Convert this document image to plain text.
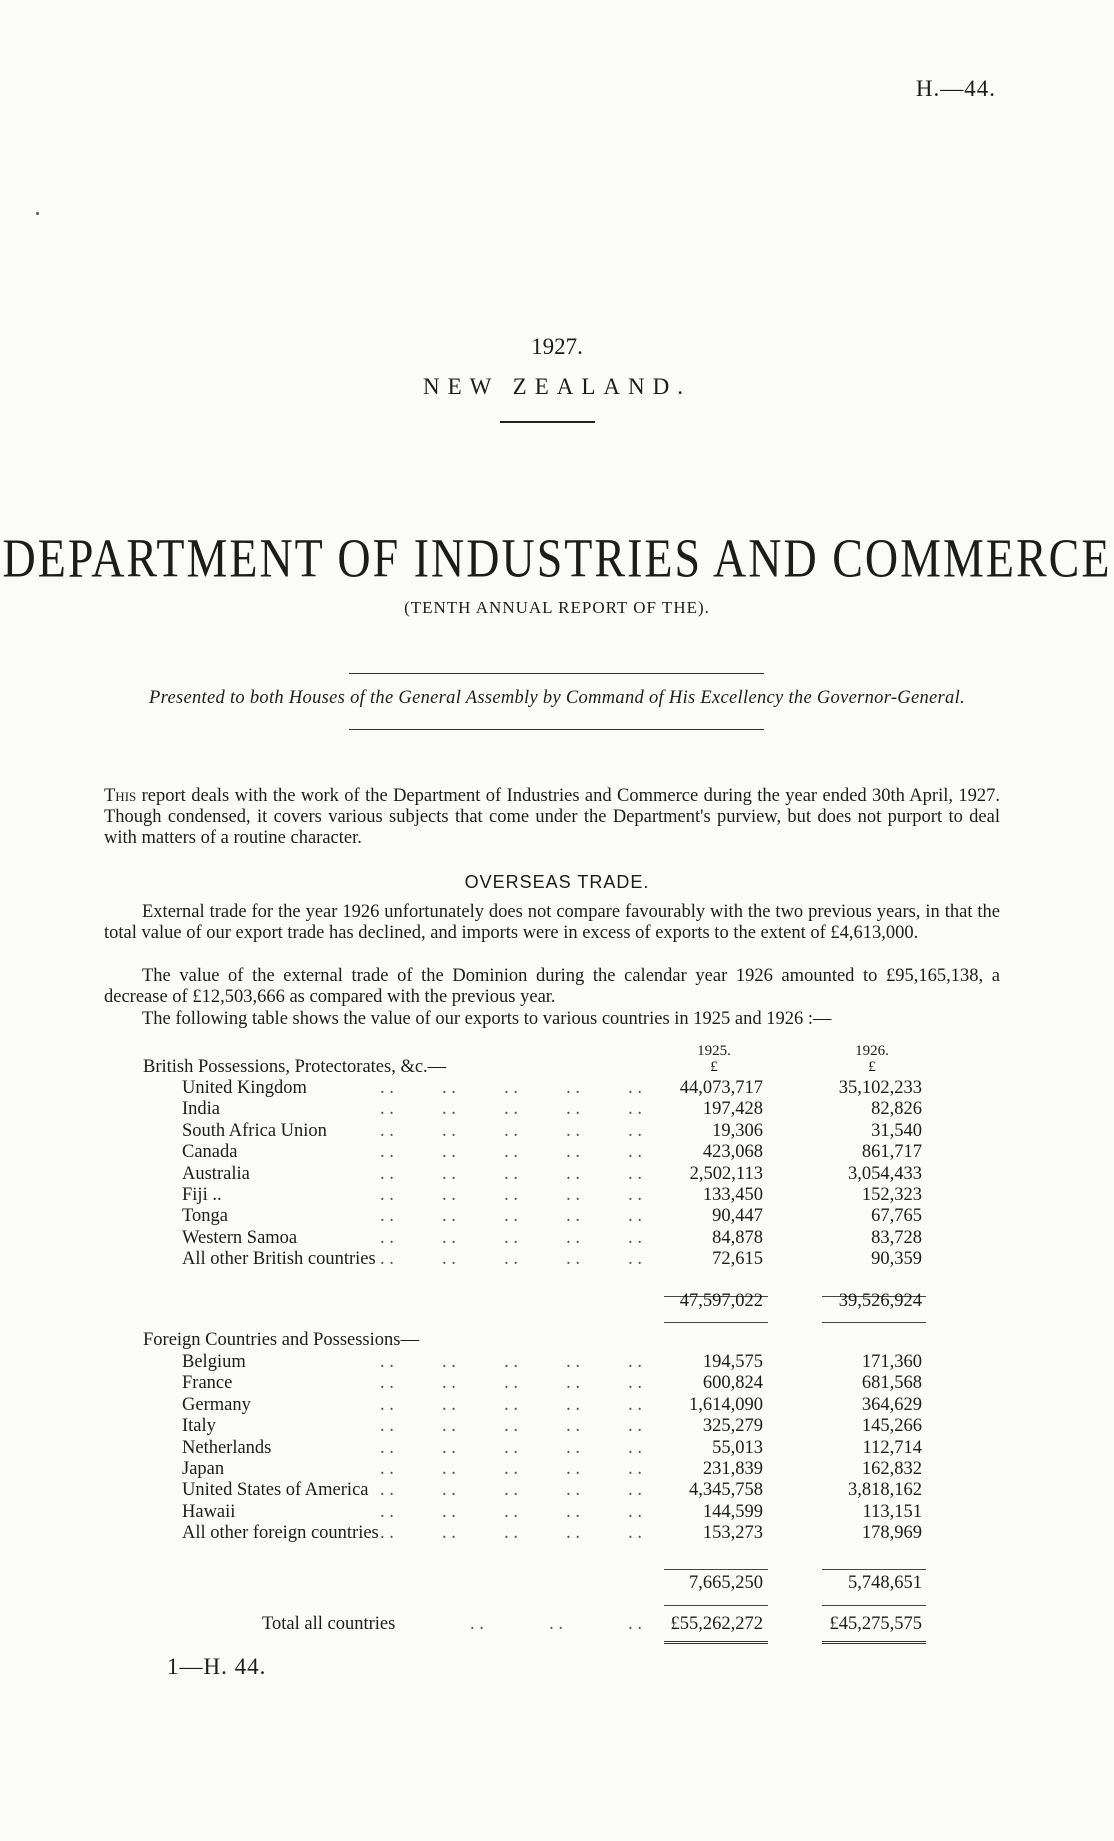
H.—44.
1927.
NEW ZEALAND.
DEPARTMENT OF INDUSTRIES AND COMMERCE
(TENTH ANNUAL REPORT OF THE).
Presented to both Houses of the General Assembly by Command of His Excellency the Governor-General.
This report deals with the work of the Department of Industries and Commerce during the year ended 30th April, 1927. Though condensed, it covers various subjects that come under the Department's purview, but does not purport to deal with matters of a routine character.
OVERSEAS TRADE.
External trade for the year 1926 unfortunately does not compare favourably with the two previous years, in that the total value of our export trade has declined, and imports were in excess of exports to the extent of £4,613,000.
The value of the external trade of the Dominion during the calendar year 1926 amounted to £95,165,138, a decrease of £12,503,666 as compared with the previous year.
The following table shows the value of our exports to various countries in 1925 and 1926 :—
1925.	1926.
£	£
British Possessions, Protectorates, &c.—
United Kingdom	. .	. .	. .	. .	. . 44,073,717	35,102,233
India	. .	. .	. .	. .	. .	197,428	82,826
South Africa Union	. .	. .	. .	. .	. .	19,306	31,540
Canada	. .	. .	. .	. .	. .	423,068	861,717
Australia	. .	. .	. .	. .	. .	2,502,113	3,054,433
Fiji ..	. .	. .	. .	. .	. .	133,450	152,323
Tonga	. .	. .	. .	. .	. .	90,447	67,765
Western Samoa	. .	. .	. .	. .	. .	84,878	83,728
All other British countries . .	. .	. .	. .	. .	72,615	90,359
47,597,022	39,526,924
Foreign Countries and Possessions—
Belgium	. .	. .	. .	. .	. .	194,575	171,360
France	. .	. .	. .	. .	. .	600,824	681,568
Germany	. .	. .	. .	. .	. .	1,614,090	364,629
Italy	. .	. .	. .	. .	. .	325,279	145,266
Netherlands	. .	. .	. .	. .	. .	55,013	112,714
Japan	. .	. .	. .	. .	. .	231,839	162,832
United States of America . .	. .	. .	. .	. .	4,345,758	3,818,162
Hawaii	. .	. .	. .	. .	. .	144,599	113,151
All other foreign countries . .	. .	. .	. .	. .	153,273	178,969
7,665,250	5,748,651
Total all countries	. .	. .	. . £55,262,272	£45,275,575
1—H. 44.
